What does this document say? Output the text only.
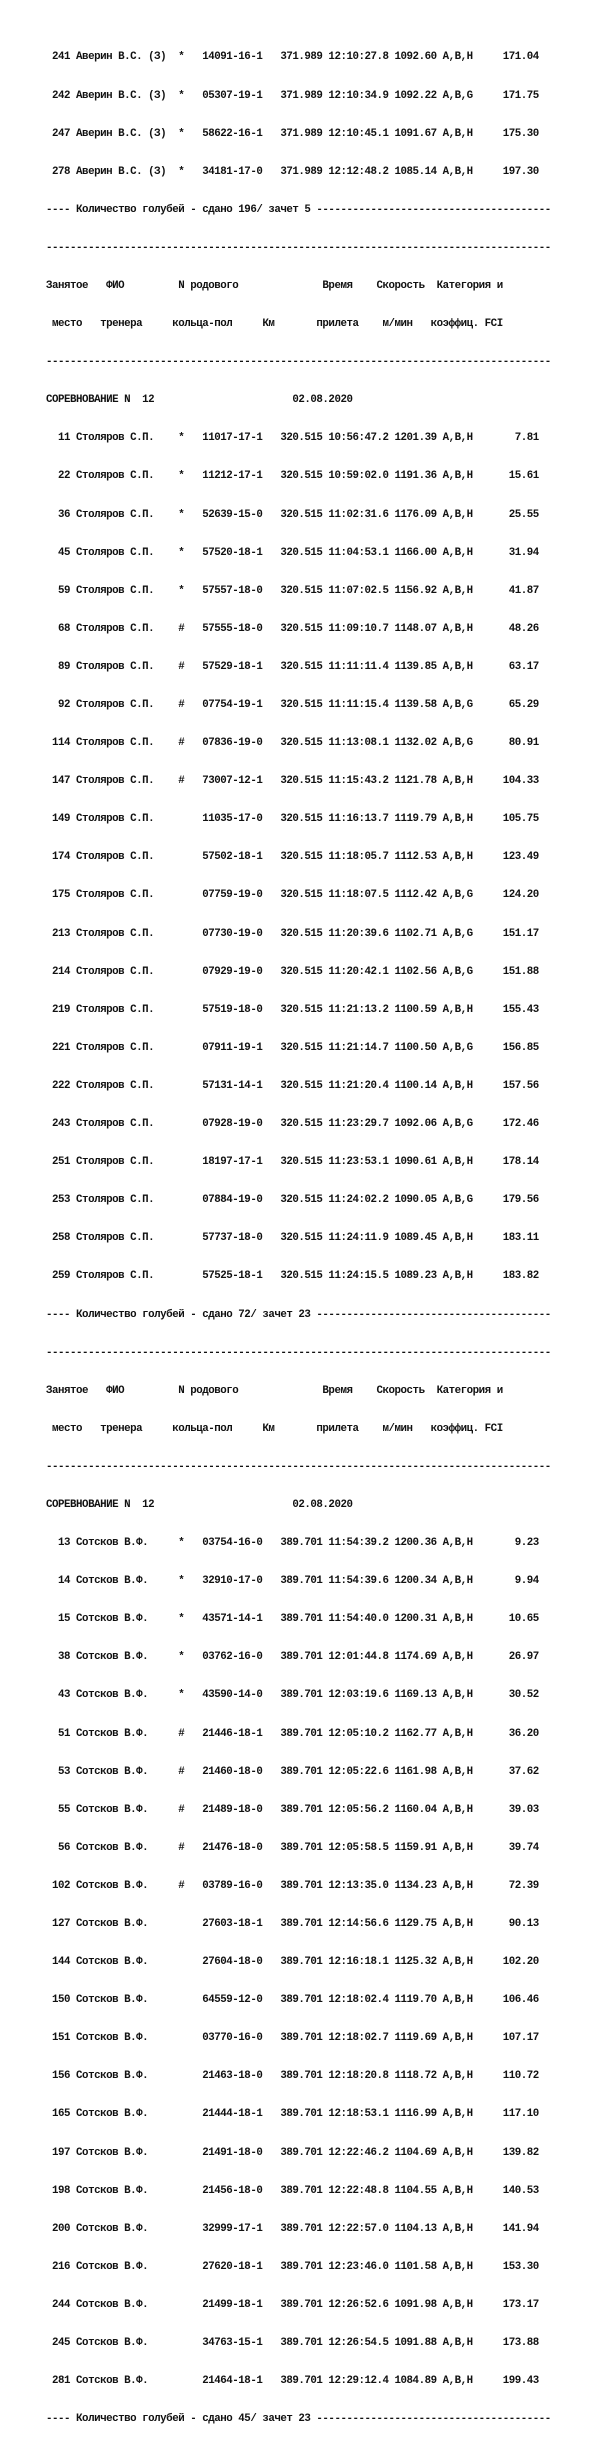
241 Аверин В.С. (З)  *   14091-16-1   371.989 12:10:27.8 1092.60 A,B,H     171.04

242 Аверин В.С. (З)  *   05307-19-1   371.989 12:10:34.9 1092.22 A,B,G     171.75

247 Аверин В.С. (З)  *   58622-16-1   371.989 12:10:45.1 1091.67 A,B,H     175.30

278 Аверин В.С. (З)  *   34181-17-0   371.989 12:12:48.2 1085.14 A,B,H     197.30

---- Количество голубей - сдано 196/ зачет 5 ---------------------------------------

------------------------------------------------------------------------------------

Занятое   ФИО         N родового              Время    Скорость  Категория и

место   тренера     кольца-пол     Км       прилета    м/мин   коэффиц. FCI

------------------------------------------------------------------------------------

СОРЕВНОВАНИЕ N  12                       02.08.2020

11 Столяров С.П.    *   11017-17-1   320.515 10:56:47.2 1201.39 A,B,H       7.81

22 Столяров С.П.    *   11212-17-1   320.515 10:59:02.0 1191.36 A,B,H      15.61

36 Столяров С.П.    *   52639-15-0   320.515 11:02:31.6 1176.09 A,B,H      25.55

45 Столяров С.П.    *   57520-18-1   320.515 11:04:53.1 1166.00 A,B,H      31.94

59 Столяров С.П.    *   57557-18-0   320.515 11:07:02.5 1156.92 A,B,H      41.87

68 Столяров С.П.    #   57555-18-0   320.515 11:09:10.7 1148.07 A,B,H      48.26

89 Столяров С.П.    #   57529-18-1   320.515 11:11:11.4 1139.85 A,B,H      63.17

92 Столяров С.П.    #   07754-19-1   320.515 11:11:15.4 1139.58 A,B,G      65.29

114 Столяров С.П.    #   07836-19-0   320.515 11:13:08.1 1132.02 A,B,G      80.91

147 Столяров С.П.    #   73007-12-1   320.515 11:15:43.2 1121.78 A,B,H     104.33

149 Столяров С.П.        11035-17-0   320.515 11:16:13.7 1119.79 A,B,H     105.75

174 Столяров С.П.        57502-18-1   320.515 11:18:05.7 1112.53 A,B,H     123.49

175 Столяров С.П.        07759-19-0   320.515 11:18:07.5 1112.42 A,B,G     124.20

213 Столяров С.П.        07730-19-0   320.515 11:20:39.6 1102.71 A,B,G     151.17

214 Столяров С.П.        07929-19-0   320.515 11:20:42.1 1102.56 A,B,G     151.88

219 Столяров С.П.        57519-18-0   320.515 11:21:13.2 1100.59 A,B,H     155.43

221 Столяров С.П.        07911-19-1   320.515 11:21:14.7 1100.50 A,B,G     156.85

222 Столяров С.П.        57131-14-1   320.515 11:21:20.4 1100.14 A,B,H     157.56

243 Столяров С.П.        07928-19-0   320.515 11:23:29.7 1092.06 A,B,G     172.46

251 Столяров С.П.        18197-17-1   320.515 11:23:53.1 1090.61 A,B,H     178.14

253 Столяров С.П.        07884-19-0   320.515 11:24:02.2 1090.05 A,B,G     179.56

258 Столяров С.П.        57737-18-0   320.515 11:24:11.9 1089.45 A,B,H     183.11

259 Столяров С.П.        57525-18-1   320.515 11:24:15.5 1089.23 A,B,H     183.82

---- Количество голубей - сдано 72/ зачет 23 ---------------------------------------

------------------------------------------------------------------------------------

Занятое   ФИО         N родового              Время    Скорость  Категория и

место   тренера     кольца-пол     Км       прилета    м/мин   коэффиц. FCI

------------------------------------------------------------------------------------

СОРЕВНОВАНИЕ N  12                       02.08.2020

13 Сотсков В.Ф.     *   03754-16-0   389.701 11:54:39.2 1200.36 A,B,H       9.23

14 Сотсков В.Ф.     *   32910-17-0   389.701 11:54:39.6 1200.34 A,B,H       9.94

15 Сотсков В.Ф.     *   43571-14-1   389.701 11:54:40.0 1200.31 A,B,H      10.65

38 Сотсков В.Ф.     *   03762-16-0   389.701 12:01:44.8 1174.69 A,B,H      26.97

43 Сотсков В.Ф.     *   43590-14-0   389.701 12:03:19.6 1169.13 A,B,H      30.52

51 Сотсков В.Ф.     #   21446-18-1   389.701 12:05:10.2 1162.77 A,B,H      36.20

53 Сотсков В.Ф.     #   21460-18-0   389.701 12:05:22.6 1161.98 A,B,H      37.62

55 Сотсков В.Ф.     #   21489-18-0   389.701 12:05:56.2 1160.04 A,B,H      39.03

56 Сотсков В.Ф.     #   21476-18-0   389.701 12:05:58.5 1159.91 A,B,H      39.74

102 Сотсков В.Ф.     #   03789-16-0   389.701 12:13:35.0 1134.23 A,B,H      72.39

127 Сотсков В.Ф.         27603-18-1   389.701 12:14:56.6 1129.75 A,B,H      90.13

144 Сотсков В.Ф.         27604-18-0   389.701 12:16:18.1 1125.32 A,B,H     102.20

150 Сотсков В.Ф.         64559-12-0   389.701 12:18:02.4 1119.70 A,B,H     106.46

151 Сотсков В.Ф.         03770-16-0   389.701 12:18:02.7 1119.69 A,B,H     107.17

156 Сотсков В.Ф.         21463-18-0   389.701 12:18:20.8 1118.72 A,B,H     110.72

165 Сотсков В.Ф.         21444-18-1   389.701 12:18:53.1 1116.99 A,B,H     117.10

197 Сотсков В.Ф.         21491-18-0   389.701 12:22:46.2 1104.69 A,B,H     139.82

198 Сотсков В.Ф.         21456-18-0   389.701 12:22:48.8 1104.55 A,B,H     140.53

200 Сотсков В.Ф.         32999-17-1   389.701 12:22:57.0 1104.13 A,B,H     141.94

216 Сотсков В.Ф.         27620-18-1   389.701 12:23:46.0 1101.58 A,B,H     153.30

244 Сотсков В.Ф.         21499-18-1   389.701 12:26:52.6 1091.98 A,B,H     173.17

245 Сотсков В.Ф.         34763-15-1   389.701 12:26:54.5 1091.88 A,B,H     173.88

281 Сотсков В.Ф.         21464-18-1   389.701 12:29:12.4 1084.89 A,B,H     199.43

---- Количество голубей - сдано 45/ зачет 23 ---------------------------------------
